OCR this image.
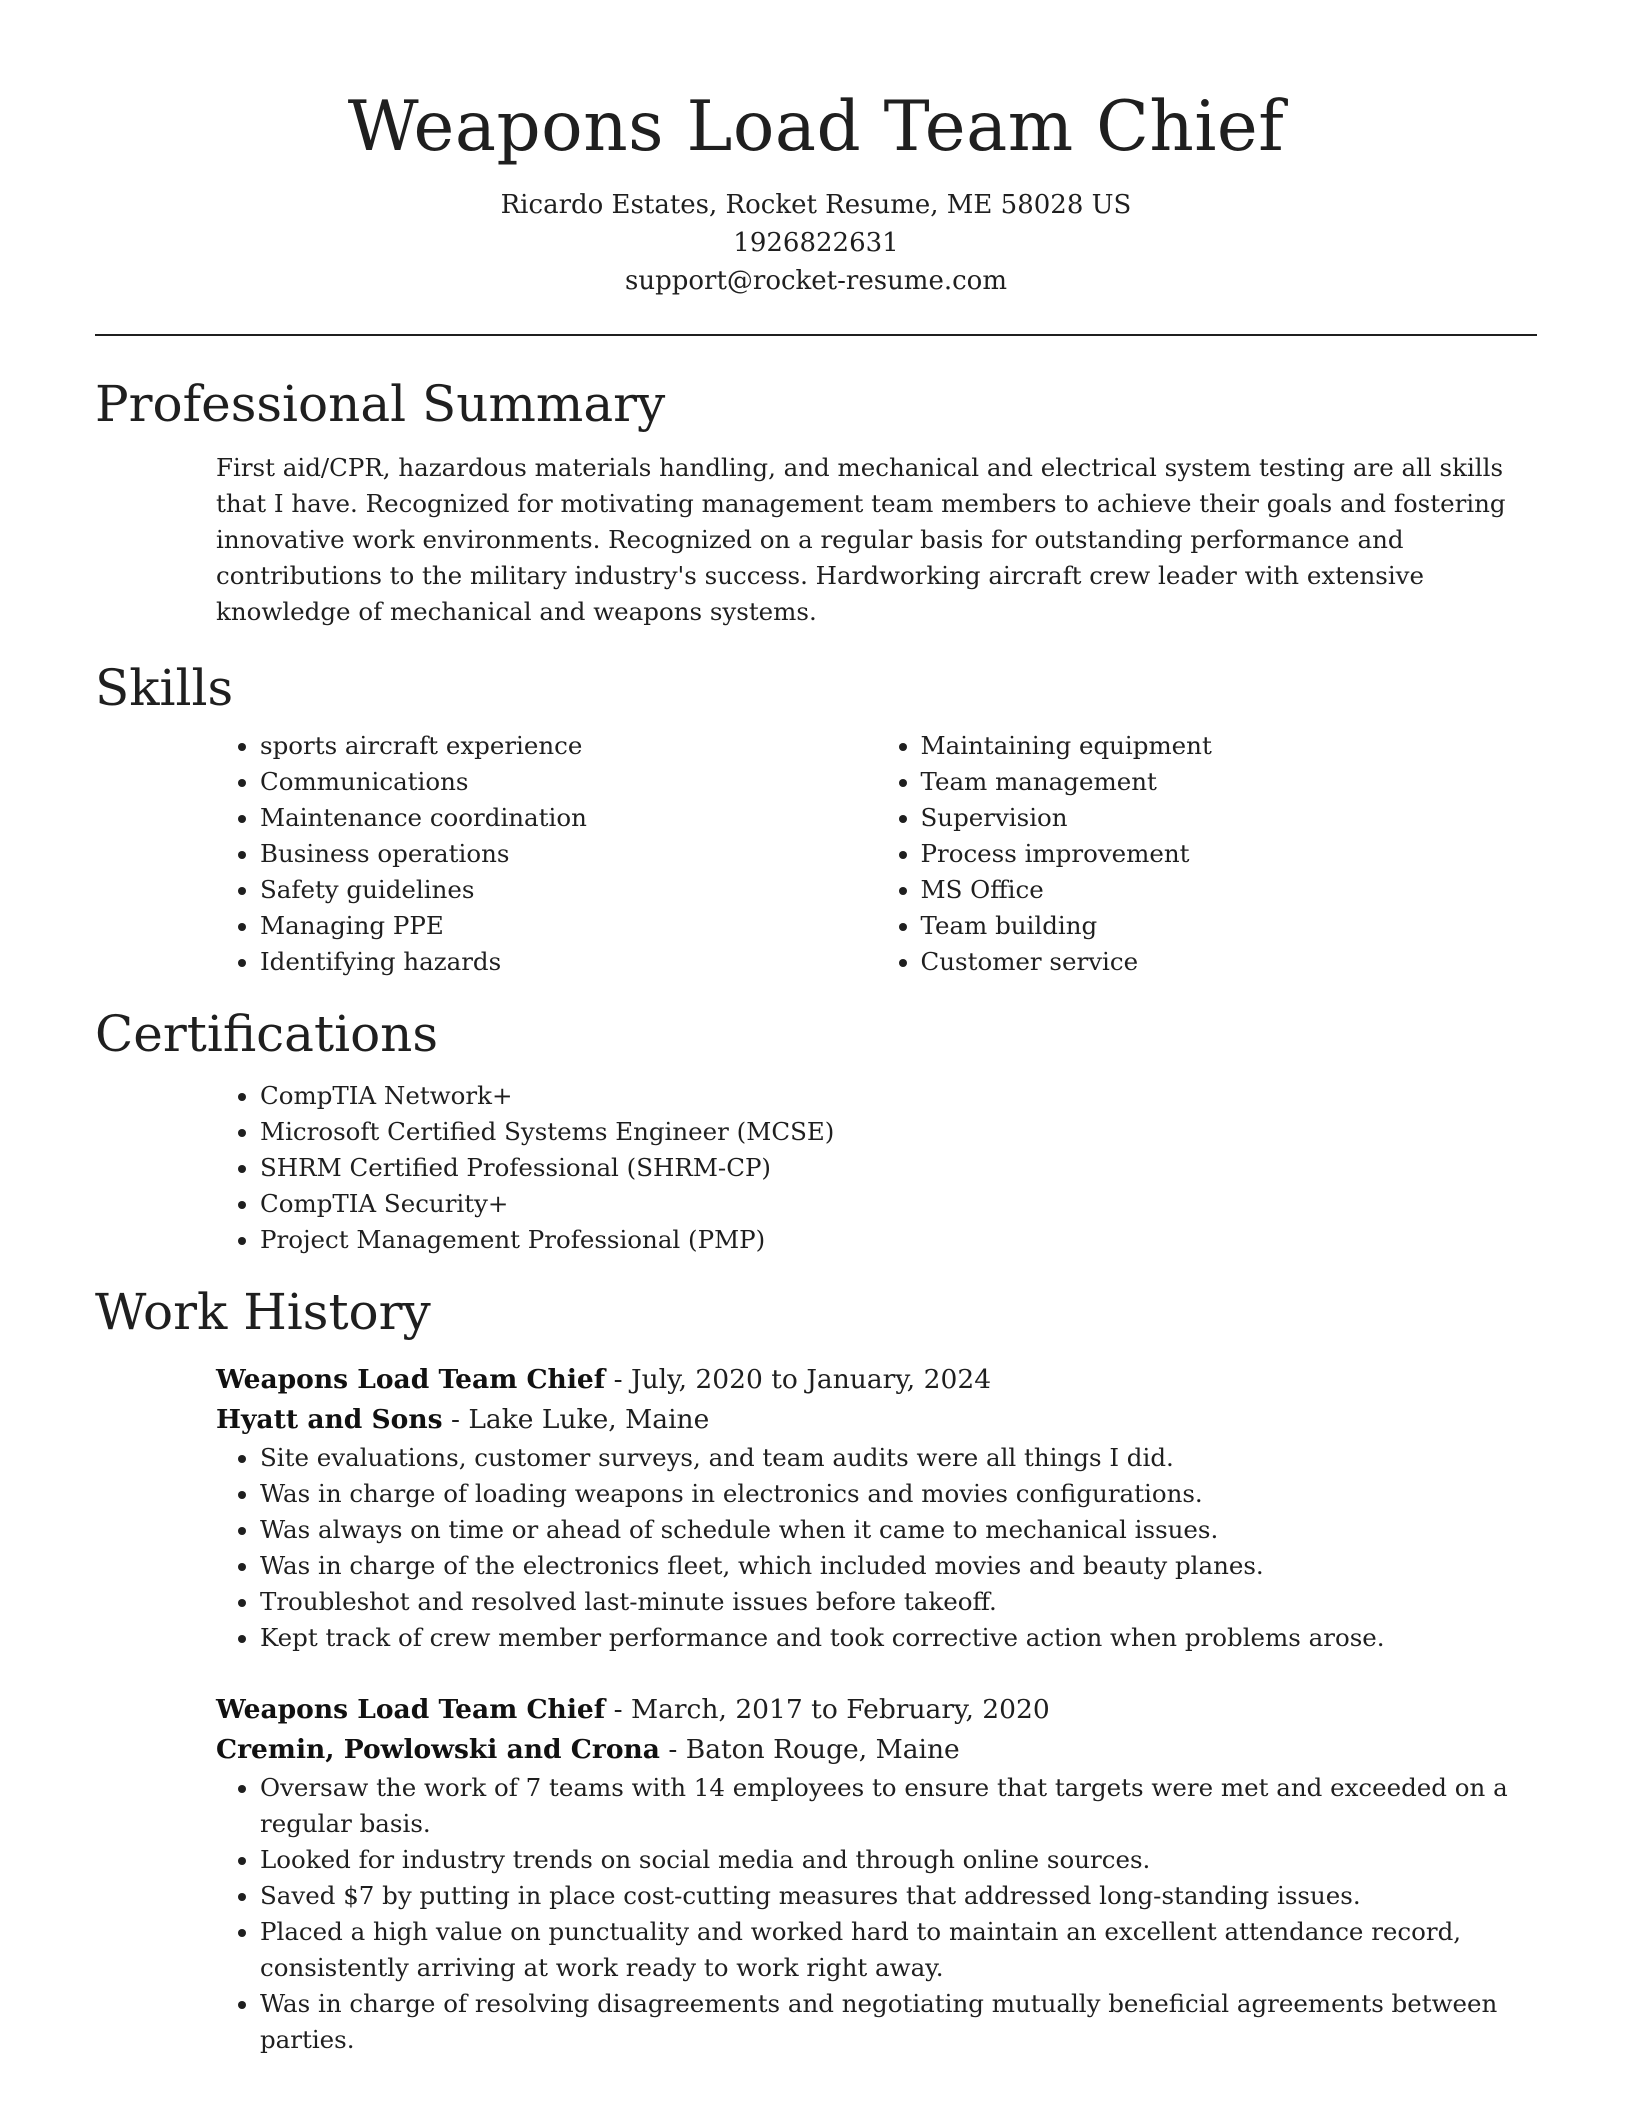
Weapons Load Team Chief
Ricardo Estates, Rocket Resume, ME 58028 US
1926822631
support@rocket-resume.com
Professional Summary
First aid/CPR, hazardous materials handling, and mechanical and electrical system testing are all skills that I have. Recognized for motivating management team members to achieve their goals and fostering innovative work environments. Recognized on a regular basis for outstanding performance and contributions to the military industry's success. Hardworking aircraft crew leader with extensive knowledge of mechanical and weapons systems.
Skills
• sports aircraft experience
• Communications
• Maintenance coordination
• Business operations
• Safety guidelines
• Managing PPE
• Identifying hazards
• Maintaining equipment
• Team management
• Supervision
• Process improvement
• MS Office
• Team building
• Customer service
Certifications
• CompTIA Network+
• Microsoft Certified Systems Engineer (MCSE)
• SHRM Certified Professional (SHRM-CP)
• CompTIA Security+
• Project Management Professional (PMP)
Work History
Weapons Load Team Chief - July, 2020 to January, 2024
Hyatt and Sons - Lake Luke, Maine
• Site evaluations, customer surveys, and team audits were all things I did.
• Was in charge of loading weapons in electronics and movies configurations.
• Was always on time or ahead of schedule when it came to mechanical issues.
• Was in charge of the electronics fleet, which included movies and beauty planes.
• Troubleshot and resolved last-minute issues before takeoff.
• Kept track of crew member performance and took corrective action when problems arose.
Weapons Load Team Chief - March, 2017 to February, 2020
Cremin, Powlowski and Crona - Baton Rouge, Maine
• Oversaw the work of 7 teams with 14 employees to ensure that targets were met and exceeded on a regular basis.
• Looked for industry trends on social media and through online sources.
• Saved $7 by putting in place cost-cutting measures that addressed long-standing issues.
• Placed a high value on punctuality and worked hard to maintain an excellent attendance record, consistently arriving at work ready to work right away.
• Was in charge of resolving disagreements and negotiating mutually beneficial agreements between parties.
